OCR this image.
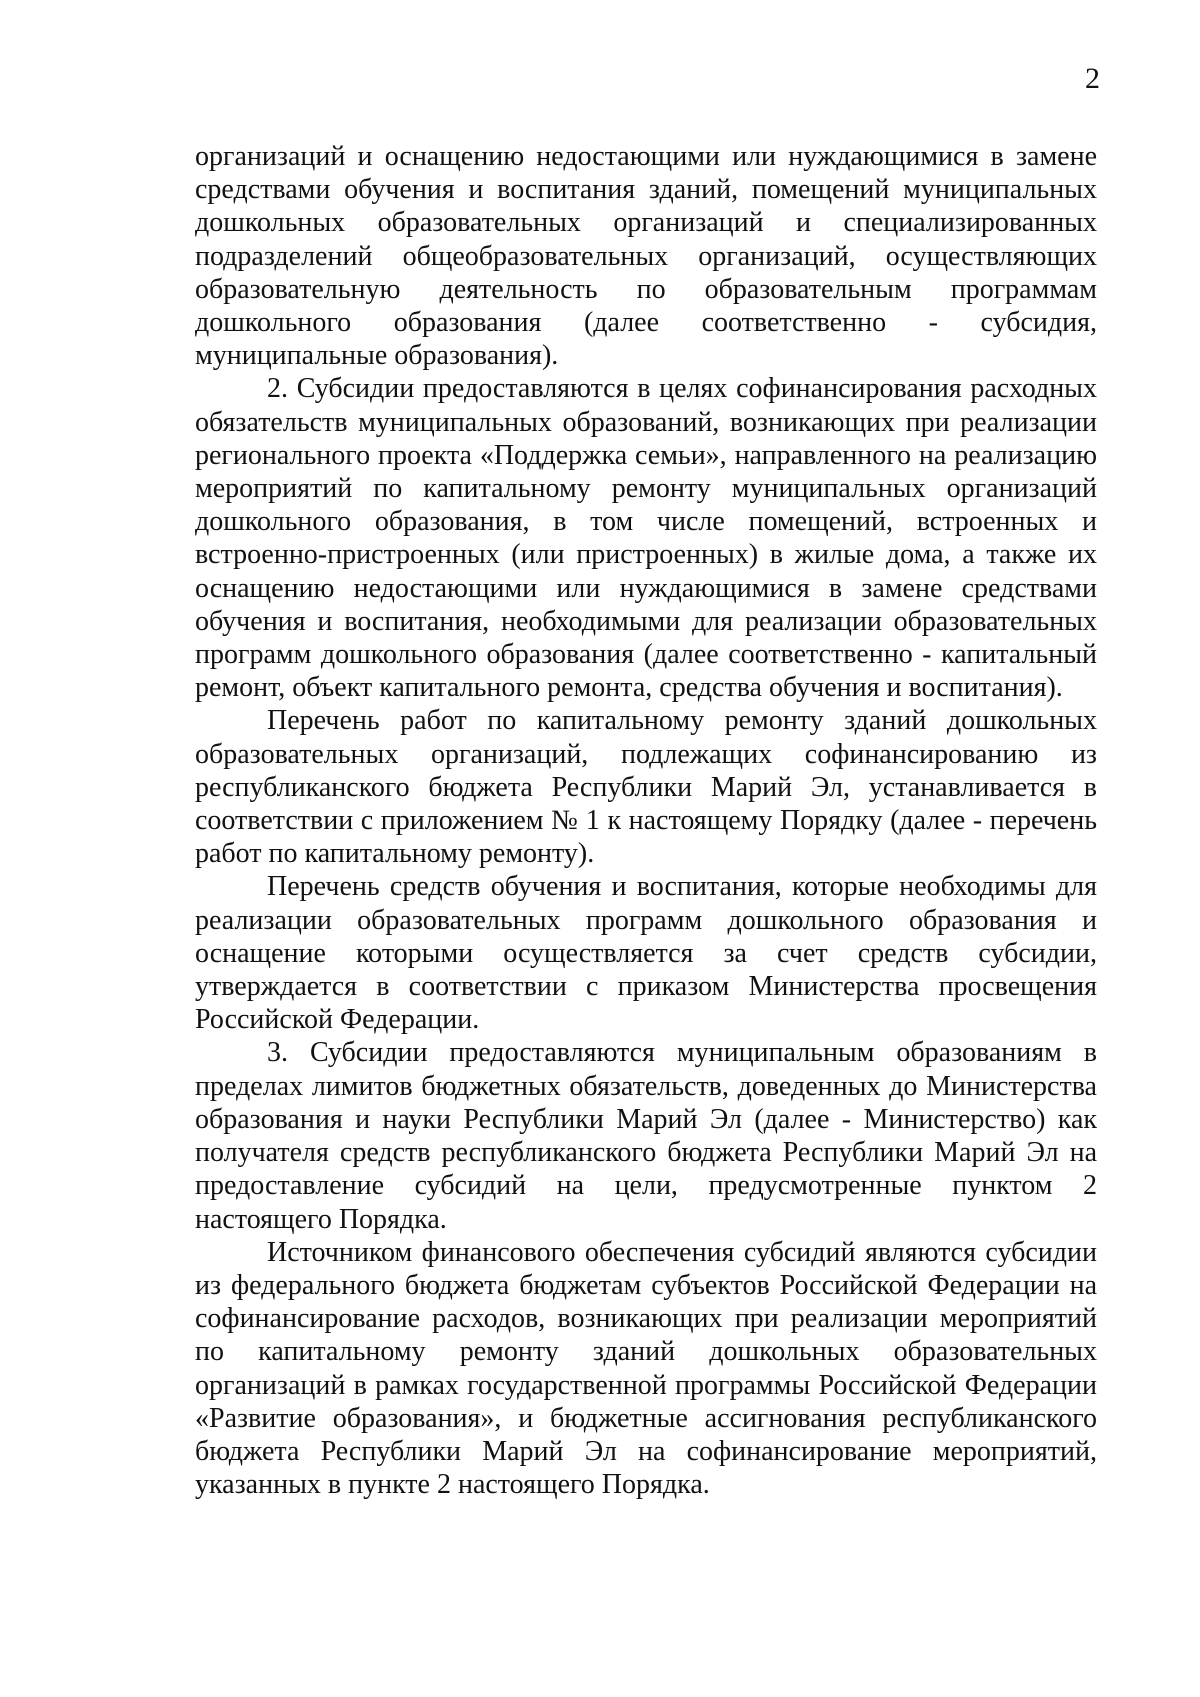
2

организаций и оснащению недостающими или нуждающимися в замене средствами обучения и воспитания зданий, помещений муниципальных дошкольных образовательных организаций и специализированных подразделений общеобразовательных организаций, осуществляющих образовательную деятельность по образовательным программам дошкольного образования (далее соответственно - субсидия, муниципальные образования).

2. Субсидии предоставляются в целях софинансирования расходных обязательств муниципальных образований, возникающих при реализации регионального проекта «Поддержка семьи», направленного на реализацию мероприятий по капитальному ремонту муниципальных организаций дошкольного образования, в том числе помещений, встроенных и встроенно-пристроенных (или пристроенных) в жилые дома, а также их оснащению недостающими или нуждающимися в замене средствами обучения и воспитания, необходимыми для реализации образовательных программ дошкольного образования (далее соответственно - капитальный ремонт, объект капитального ремонта, средства обучения и воспитания).

Перечень работ по капитальному ремонту зданий дошкольных образовательных организаций, подлежащих софинансированию из республиканского бюджета Республики Марий Эл, устанавливается в соответствии с приложением № 1 к настоящему Порядку (далее - перечень работ по капитальному ремонту).

Перечень средств обучения и воспитания, которые необходимы для реализации образовательных программ дошкольного образования и оснащение которыми осуществляется за счет средств субсидии, утверждается в соответствии с приказом Министерства просвещения Российской Федерации.

3. Субсидии предоставляются муниципальным образованиям в пределах лимитов бюджетных обязательств, доведенных до Министерства образования и науки Республики Марий Эл (далее - Министерство) как получателя средств республиканского бюджета Республики Марий Эл на предоставление субсидий на цели, предусмотренные пунктом 2 настоящего Порядка.

Источником финансового обеспечения субсидий являются субсидии из федерального бюджета бюджетам субъектов Российской Федерации на софинансирование расходов, возникающих при реализации мероприятий по капитальному ремонту зданий дошкольных образовательных организаций в рамках государственной программы Российской Федерации «Развитие образования», и бюджетные ассигнования республиканского бюджета Республики Марий Эл на софинансирование мероприятий, указанных в пункте 2 настоящего Порядка.
